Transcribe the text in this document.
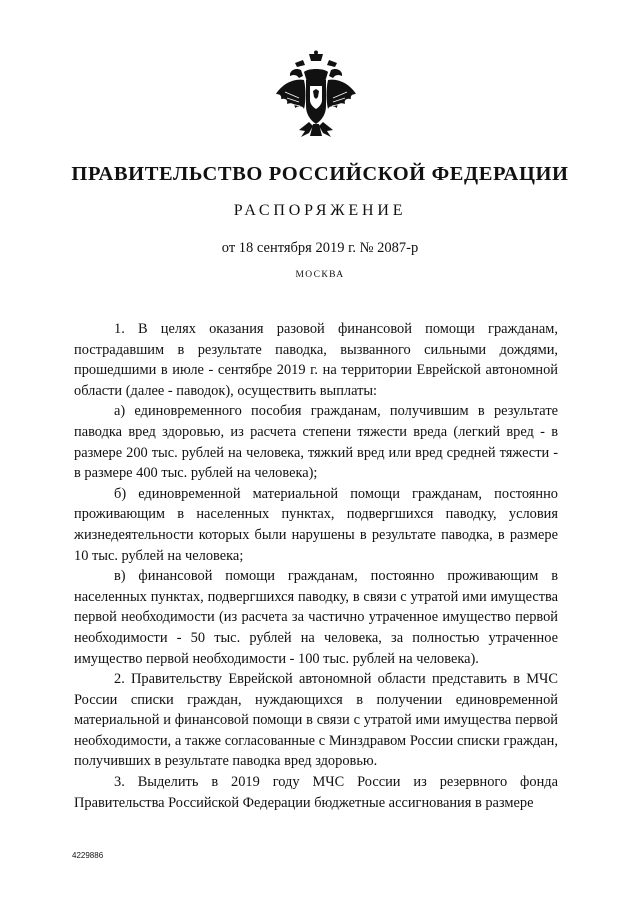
ПРАВИТЕЛЬСТВО РОССИЙСКОЙ ФЕДЕРАЦИИ
РАСПОРЯЖЕНИЕ
от 18 сентября 2019 г. № 2087-р
МОСКВА

1. В целях оказания разовой финансовой помощи гражданам, пострадавшим в результате паводка, вызванного сильными дождями, прошедшими в июле - сентябре 2019 г. на территории Еврейской автономной области (далее - паводок), осуществить выплаты:

а) единовременного пособия гражданам, получившим в результате паводка вред здоровью, из расчета степени тяжести вреда (легкий вред - в размере 200 тыс. рублей на человека, тяжкий вред или вред средней тяжести - в размере 400 тыс. рублей на человека);

б) единовременной материальной помощи гражданам, постоянно проживающим в населенных пунктах, подвергшихся паводку, условия жизнедеятельности которых были нарушены в результате паводка, в размере 10 тыс. рублей на человека;

в) финансовой помощи гражданам, постоянно проживающим в населенных пунктах, подвергшихся паводку, в связи с утратой ими имущества первой необходимости (из расчета за частично утраченное имущество первой необходимости - 50 тыс. рублей на человека, за полностью утраченное имущество первой необходимости - 100 тыс. рублей на человека).

2. Правительству Еврейской автономной области представить в МЧС России списки граждан, нуждающихся в получении единовременной материальной и финансовой помощи в связи с утратой ими имущества первой необходимости, а также согласованные с Минздравом России списки граждан, получивших в результате паводка вред здоровью.

3. Выделить в 2019 году МЧС России из резервного фонда Правительства Российской Федерации бюджетные ассигнования в размере

4229886
